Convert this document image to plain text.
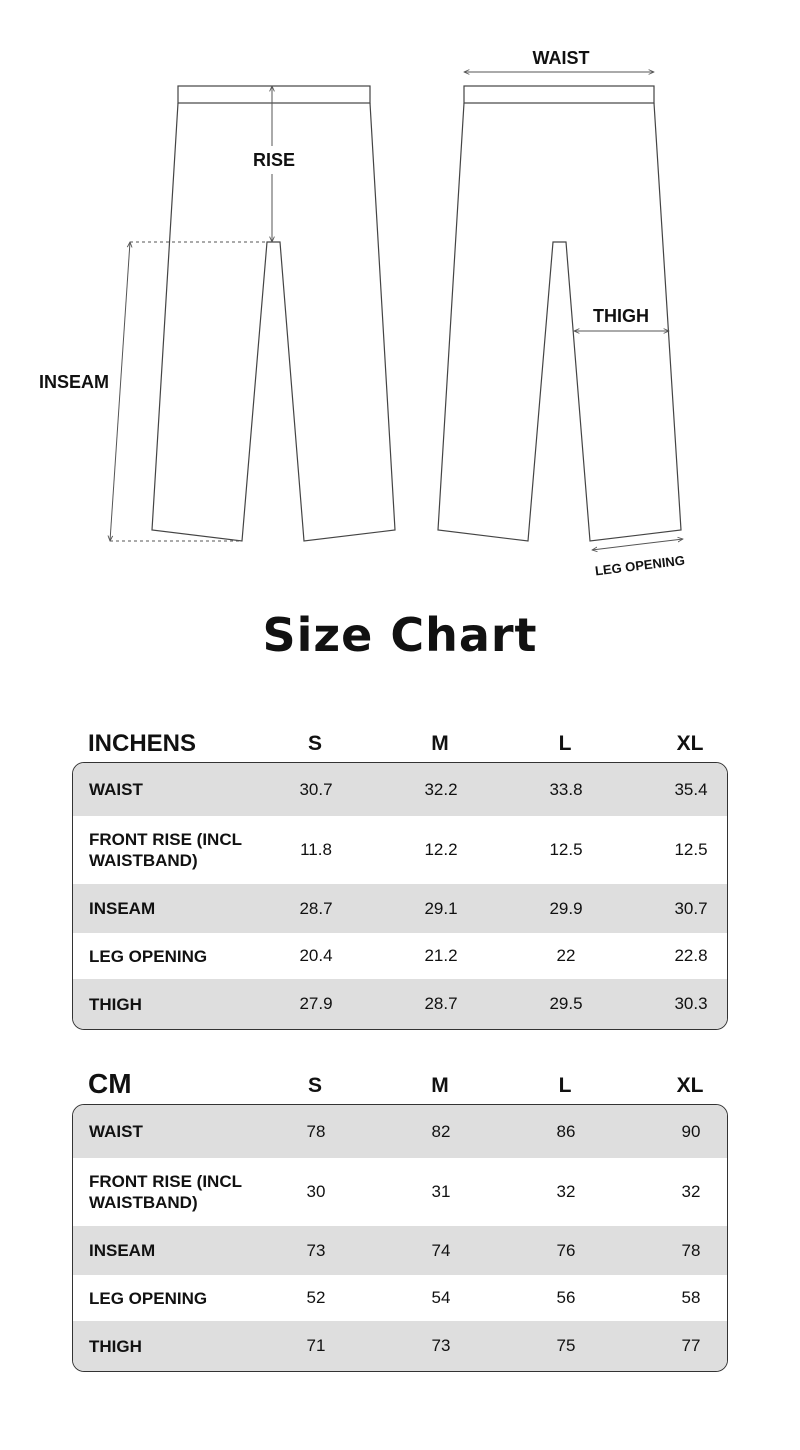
RISE
INSEAM
WAIST
THIGH
LEG OPENING
Size Chart
INCHENS	S	M	L	XL
WAIST	30.7	32.2	33.8	35.4
FRONT RISE (INCL
WAISTBAND)
11.8	12.2	12.5	12.5
INSEAM	28.7	29.1	29.9	30.7
LEG OPENING	20.4	21.2	22	22.8
THIGH	27.9	28.7	29.5	30.3
CM	S	M	L	XL
WAIST	78	82	86	90
FRONT RISE (INCL
WAISTBAND)
30	31	32	32
INSEAM	73	74	76	78
LEG OPENING	52	54	56	58
THIGH	71	73	75	77
